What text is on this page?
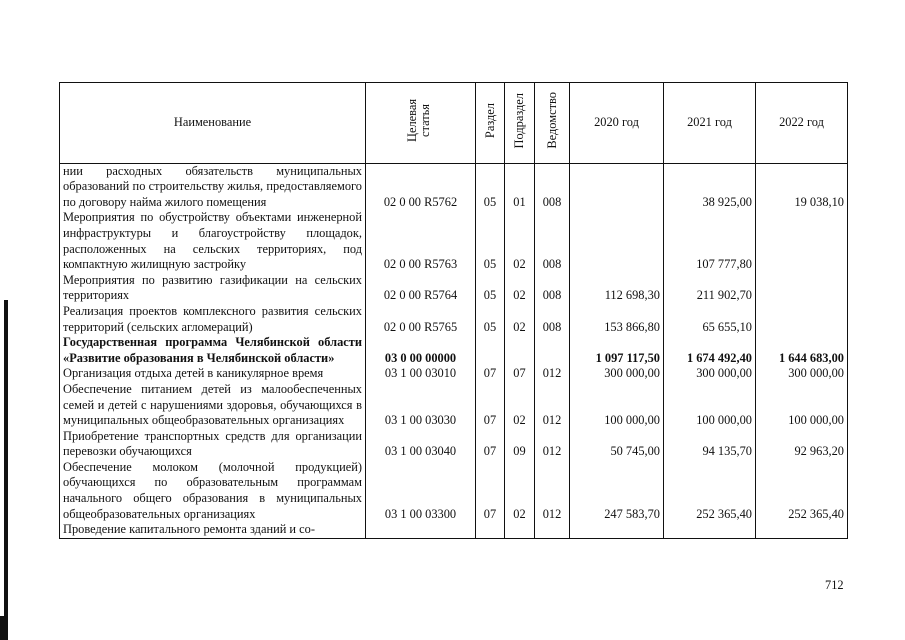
Наименование	Целевая статья	Раздел	Подраздел	Ведомство	2020 год	2021 год	2022 год
нии расходных обязательств муниципальных образований по строительству жилья, предоставляемого по договору найма жилого помещения	02 0 00 R5762	05	01	008		38 925,00	19 038,10
Мероприятия по обустройству объектами инженерной инфраструктуры и благоустройству площадок, расположенных на сельских территориях, под компактную жилищную застройку	02 0 00 R5763	05	02	008		107 777,80	
Мероприятия по развитию газификации на сельских территориях	02 0 00 R5764	05	02	008	112 698,30	211 902,70	
Реализация проектов комплексного развития сельских территорий (сельских агломераций)	02 0 00 R5765	05	02	008	153 866,80	65 655,10	
Государственная программа Челябинской области «Развитие образования в Челябинской области»	03 0 00 00000				1 097 117,50	1 674 492,40	1 644 683,00
Организация отдыха детей в каникулярное время	03 1 00 03010	07	07	012	300 000,00	300 000,00	300 000,00
Обеспечение питанием детей из малообеспеченных семей и детей с нарушениями здоровья, обучающихся в муниципальных общеобразовательных организациях	03 1 00 03030	07	02	012	100 000,00	100 000,00	100 000,00
Приобретение транспортных средств для организации перевозки обучающихся	03 1 00 03040	07	09	012	50 745,00	94 135,70	92 963,20
Обеспечение молоком (молочной продукцией) обучающихся по образовательным программам начального общего образования в муниципальных общеобразовательных организациях	03 1 00 03300	07	02	012	247 583,70	252 365,40	252 365,40
Проведение капитального ремонта зданий и со-							
712
